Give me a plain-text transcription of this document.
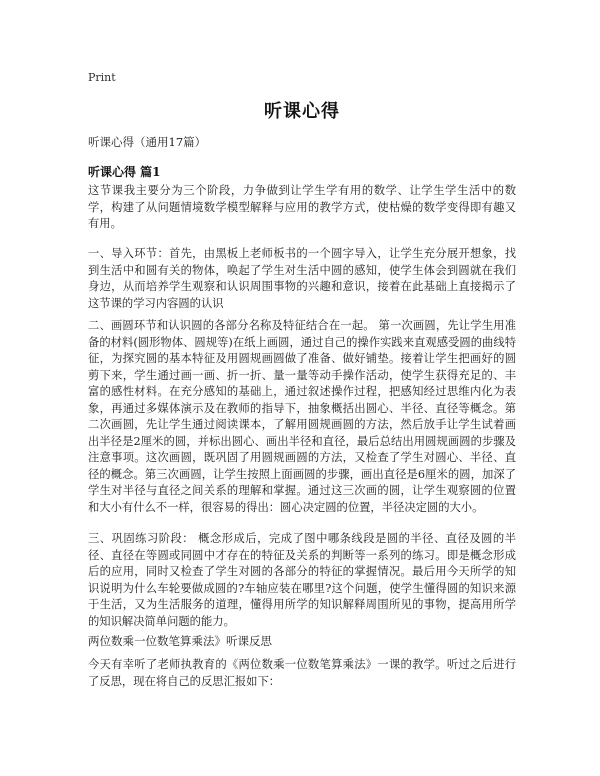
Print
听课心得
听课心得（通用17篇）
听课心得 篇1

这节课我主要分为三个阶段，力争做到让学生学有用的数学、让学生学生活中的数学，构建了从问题情境数学模型解释与应用的教学方式，使枯燥的数学变得即有趣又有用。

一、导入环节：首先，由黑板上老师板书的一个圆字导入，让学生充分展开想象，找到生活中和圆有关的物体，唤起了学生对生活中圆的感知，使学生体会到圆就在我们身边，从而培养学生观察和认识周围事物的兴趣和意识，接着在此基础上直接揭示了这节课的学习内容圆的认识

二、画圆环节和认识圆的各部分名称及特征结合在一起。 第一次画圆，先让学生用准备的材料(圆形物体、圆规等)在纸上画圆，通过自己的操作实践来直观感受圆的曲线特征，为探究圆的基本特征及用圆规画圆做了准备、做好铺垫。接着让学生把画好的圆剪下来，学生通过画一画、折一折、量一量等动手操作活动，使学生获得充足的、丰富的感性材料。在充分感知的基础上，通过叙述操作过程，把感知经过思维内化为表象，再通过多媒体演示及在教师的指导下，抽象概括出圆心、半径、直径等概念。第二次画圆，先让学生通过阅读课本，了解用圆规画圆的方法，然后放手让学生试着画出半径是2厘米的圆，并标出圆心、画出半径和直径，最后总结出用圆规画圆的步骤及注意事项。这次画圆，既巩固了用圆规画圆的方法，又检查了学生对圆心、半径、直径的概念。第三次画圆，让学生按照上面画圆的步骤，画出直径是6厘米的圆，加深了学生对半径与直径之间关系的理解和掌握。通过这三次画的圆，让学生观察圆的位置和大小有什么不一样，很容易的得出：圆心决定圆的位置，半径决定圆的大小。

三、巩固练习阶段： 概念形成后，完成了图中哪条线段是圆的半径、直径及圆的半径、直径在等圆或同圆中才存在的特征及关系的判断等一系列的练习。即是概念形成后的应用，同时又检查了学生对圆的各部分的特征的掌握情况。最后用今天所学的知识说明为什么车轮要做成圆的?车轴应装在哪里?这个问题，使学生懂得圆的知识来源于生活，又为生活服务的道理，懂得用所学的知识解释周围所见的事物，提高用所学的知识解决简单问题的能力。

两位数乘一位数笔算乘法》听课反思

今天有幸听了老师执教育的《两位数乘一位数笔算乘法》一课的教学。听过之后进行了反思，现在将自己的反思汇报如下：
